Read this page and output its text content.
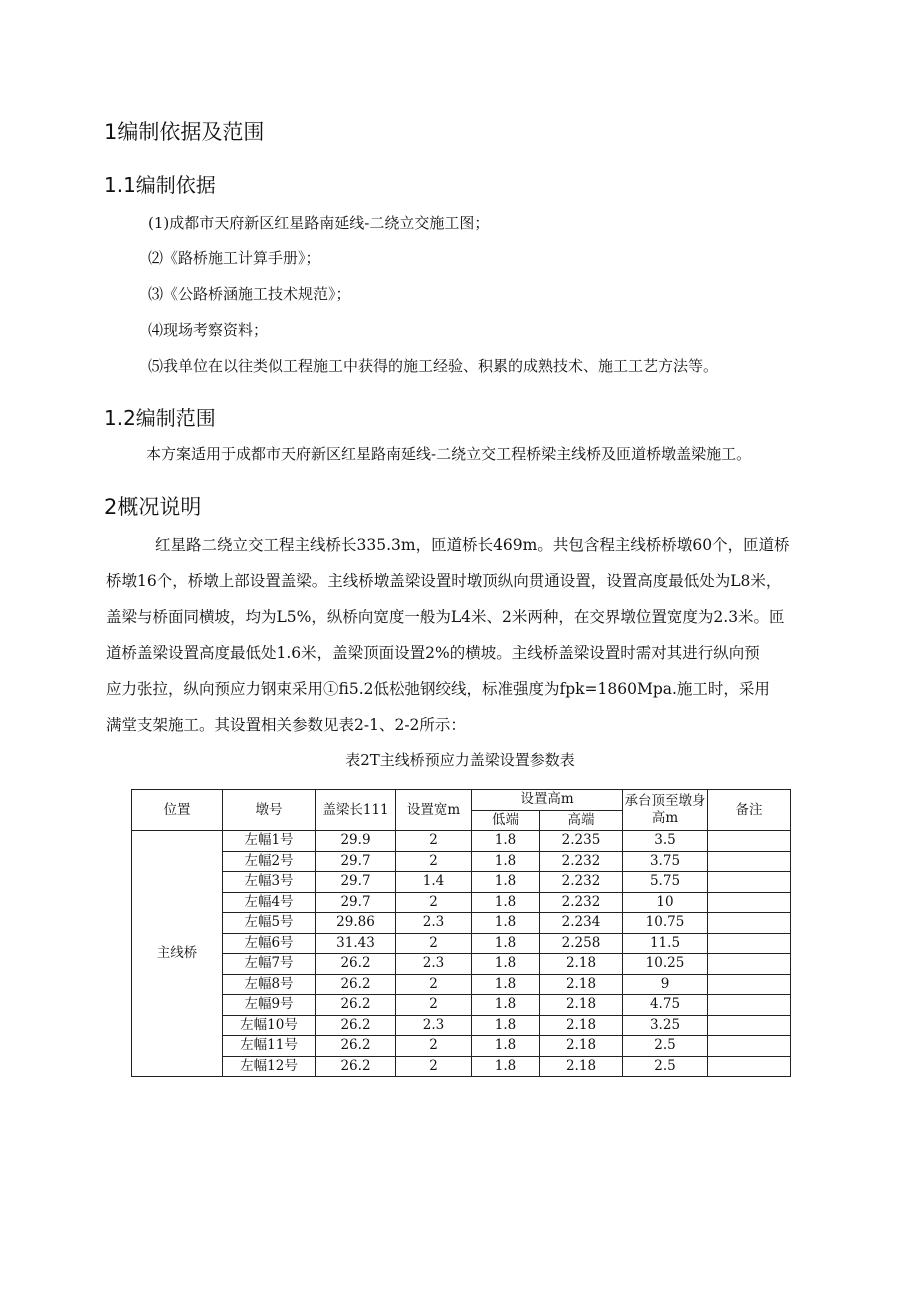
1编制依据及范围
1.1编制依据

(1)成都市天府新区红星路南延线-二绕立交施工图；

⑵《路桥施工计算手册》；

⑶《公路桥涵施工技术规范》；

⑷现场考察资料；

⑸我单位在以往类似工程施工中获得的施工经验、积累的成熟技术、施工工艺方法等。

1.2编制范围

本方案适用于成都市天府新区红星路南延线-二绕立交工程桥梁主线桥及匝道桥墩盖梁施工。

2概况说明

红星路二绕立交工程主线桥长335.3m，匝道桥长469m。共包含程主线桥桥墩60个，匝道桥

桥墩16个，桥墩上部设置盖梁。主线桥墩盖梁设置时墩顶纵向贯通设置，设置高度最低处为L8米，

盖梁与桥面同横坡，均为L5%，纵桥向宽度一般为L4米、2米两种，在交界墩位置宽度为2.3米。匝

道桥盖梁设置高度最低处1.6米，盖梁顶面设置2%的横坡。主线桥盖梁设置时需对其进行纵向预

应力张拉，纵向预应力钢束采用①fi5.2低松弛钢绞线，标准强度为fpk=1860Mpa.施工时，采用

满堂支架施工。其设置相关参数见表2-1、2-2所示：

表2T主线桥预应力盖梁设置参数表
位置	墩号	盖梁长111	设置宽m	设置高m		承台顶至墩身高m	备注
				低端	高端		
主线桥	左幅1号	29.9	2	1.8	2.235	3.5	
	左幅2号	29.7	2	1.8	2.232	3.75	
	左幅3号	29.7	1.4	1.8	2.232	5.75	
	左幅4号	29.7	2	1.8	2.232	10	
	左幅5号	29.86	2.3	1.8	2.234	10.75	
	左幅6号	31.43	2	1.8	2.258	11.5	
	左幅7号	26.2	2.3	1.8	2.18	10.25	
	左幅8号	26.2	2	1.8	2.18	9	
	左幅9号	26.2	2	1.8	2.18	4.75	
	左幅10号	26.2	2.3	1.8	2.18	3.25	
	左幅11号	26.2	2	1.8	2.18	2.5	
	左幅12号	26.2	2	1.8	2.18	2.5	
